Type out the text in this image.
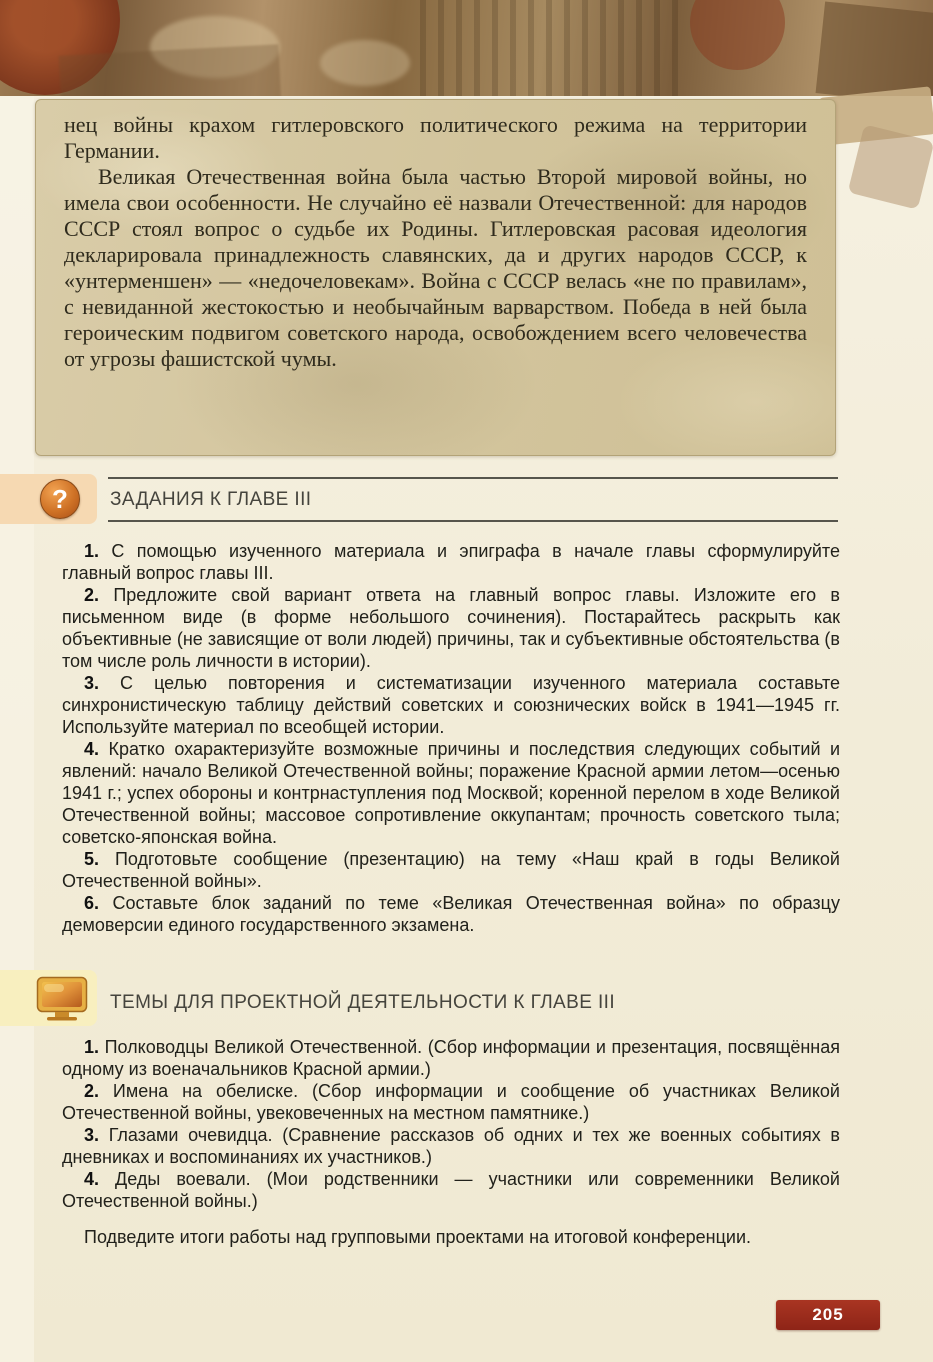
нец войны крахом гитлеровского политического режима на территории Германии.

Великая Отечественная война была частью Второй мировой войны, но имела свои особенности. Не случайно её назвали Отечественной: для народов СССР стоял вопрос о судьбе их Родины. Гитлеровская расовая идеология декларировала принадлежность славянских, да и других народов СССР, к «унтерменшен» — «недочеловекам». Война с СССР велась «не по правилам», с невиданной жестокостью и необычайным варварством. Победа в ней была героическим подвигом советского народа, освобождением всего человечества от угрозы фашистской чумы.

?	ЗАДАНИЯ К ГЛАВЕ III

1. С помощью изученного материала и эпиграфа в начале главы сформулируйте главный вопрос главы III.

2. Предложите свой вариант ответа на главный вопрос главы. Изложите его в письменном виде (в форме небольшого сочинения). Постарайтесь раскрыть как объективные (не зависящие от воли людей) причины, так и субъективные обстоятельства (в том числе роль личности в истории).

3. С целью повторения и систематизации изученного материала составьте синхронистическую таблицу действий советских и союзнических войск в 1941—1945 гг. Используйте материал по всеобщей истории.

4. Кратко охарактеризуйте возможные причины и последствия следующих событий и явлений: начало Великой Отечественной войны; поражение Красной армии летом—осенью 1941 г.; успех обороны и контрнаступления под Москвой; коренной перелом в ходе Великой Отечественной войны; массовое сопротивление оккупантам; прочность советского тыла; советско-японская война.

5. Подготовьте сообщение (презентацию) на тему «Наш край в годы Великой Отечественной войны».

6. Составьте блок заданий по теме «Великая Отечественная война» по образцу демоверсии единого государственного экзамена.

ТЕМЫ ДЛЯ ПРОЕКТНОЙ ДЕЯТЕЛЬНОСТИ К ГЛАВЕ III

1. Полководцы Великой Отечественной. (Сбор информации и презентация, посвящённая одному из военачальников Красной армии.)

2. Имена на обелиске. (Сбор информации и сообщение об участниках Великой Отечественной войны, увековеченных на местном памятнике.)

3. Глазами очевидца. (Сравнение рассказов об одних и тех же военных событиях в дневниках и воспоминаниях их участников.)

4. Деды воевали. (Мои родственники — участники или современники Великой Отечественной войны.)

Подведите итоги работы над групповыми проектами на итоговой конференции.

205
